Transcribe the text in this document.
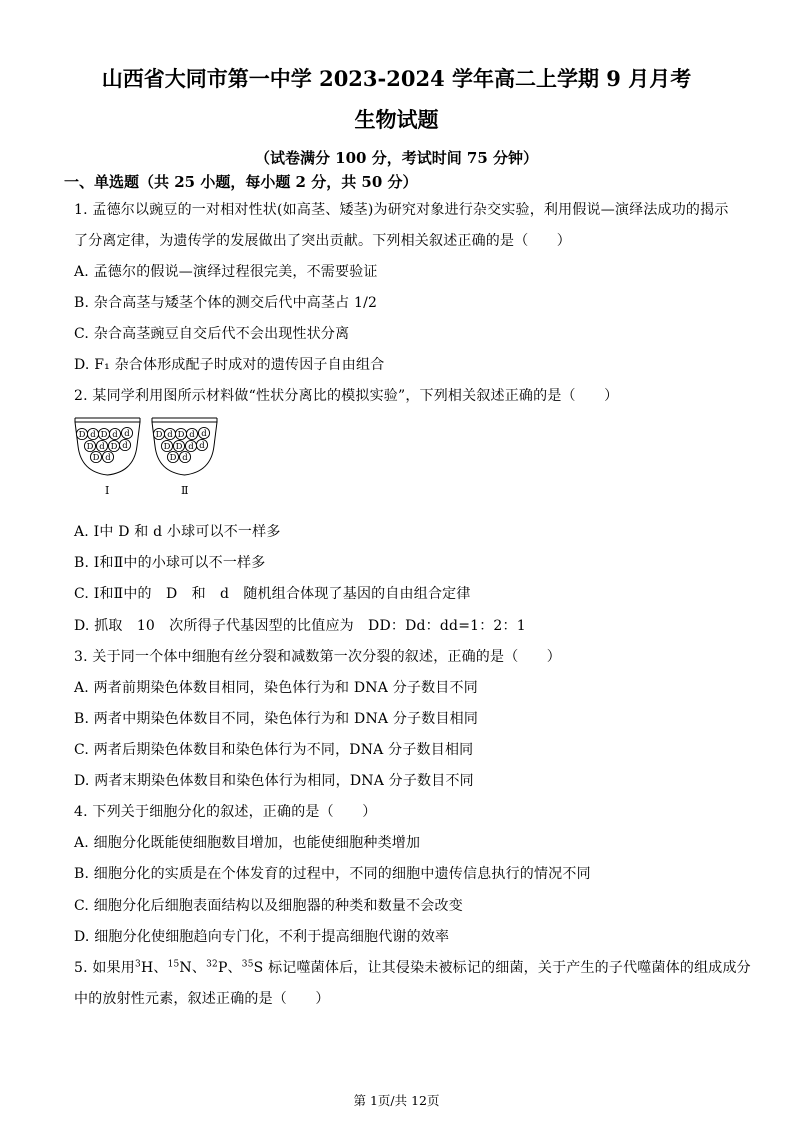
山西省大同市第一中学 2023-2024 学年高二上学期 9 月月考
生物试题
（试卷满分 100 分，考试时间 75 分钟）
一、单选题（共 25 小题，每小题 2 分，共 50 分）
1. 孟德尔以豌豆的一对相对性状(如高茎、矮茎)为研究对象进行杂交实验，利用假说—演绎法成功的揭示
了分离定律，为遗传学的发展做出了突出贡献。下列相关叙述正确的是（　　）
A. 孟德尔的假说—演绎过程很完美，不需要验证
B. 杂合高茎与矮茎个体的测交后代中高茎占 1/2
C. 杂合高茎豌豆自交后代不会出现性状分离
D. F₁ 杂合体形成配子时成对的遗传因子自由组合
2. 某同学利用图所示材料做“性状分离比的模拟实验”，下列相关叙述正确的是（　　）
D d D d d
D d D d
D d
D d D d d
D D d d
D d
Ⅰ	Ⅱ
A. Ⅰ中 D 和 d 小球可以不一样多
B. Ⅰ和Ⅱ中的小球可以不一样多
C. Ⅰ和Ⅱ中的　D　和　d　随机组合体现了基因的自由组合定律
D. 抓取　10　次所得子代基因型的比值应为　DD：Dd：dd=1：2：1
3. 关于同一个体中细胞有丝分裂和减数第一次分裂的叙述，正确的是（　　）
A. 两者前期染色体数目相同，染色体行为和 DNA 分子数目不同
B. 两者中期染色体数目不同，染色体行为和 DNA 分子数目相同
C. 两者后期染色体数目和染色体行为不同，DNA 分子数目相同
D. 两者末期染色体数目和染色体行为相同，DNA 分子数目不同
4. 下列关于细胞分化的叙述，正确的是（　　）
A. 细胞分化既能使细胞数目增加，也能使细胞种类增加
B. 细胞分化的实质是在个体发育的过程中，不同的细胞中遗传信息执行的情况不同
C. 细胞分化后细胞表面结构以及细胞器的种类和数量不会改变
D. 细胞分化使细胞趋向专门化，不利于提高细胞代谢的效率
5. 如果用$^3$H、$^{15}$N、$^{32}$P、$^{35}$S 标记噬菌体后，让其侵染未被标记的细菌，关于产生的子代噬菌体的组成成分
中的放射性元素，叙述正确的是（　　）
第 1页/共 12页
